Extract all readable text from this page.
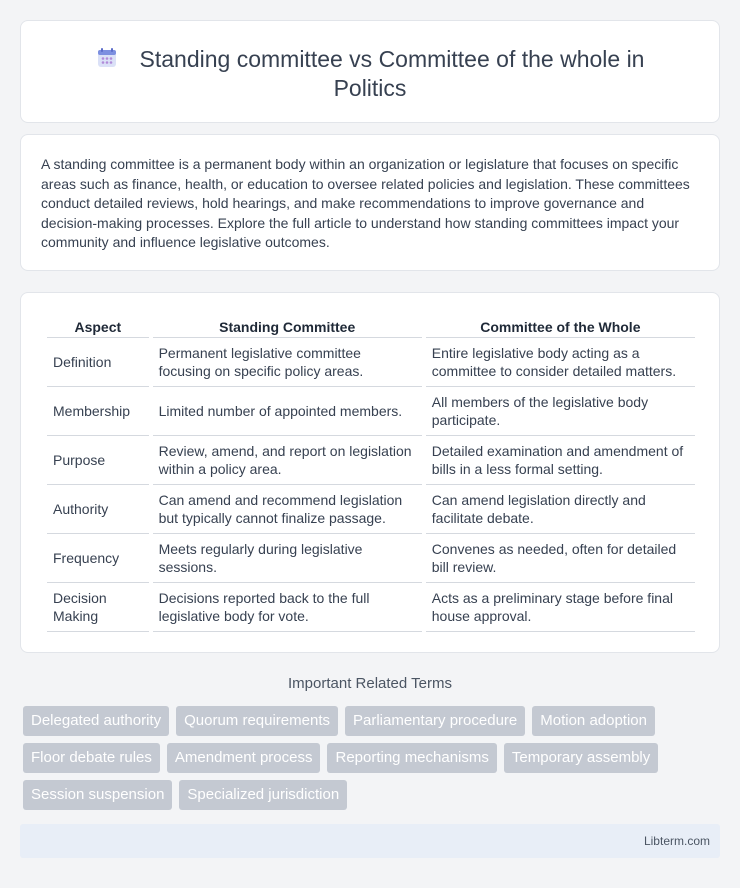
Standing committee vs Committee of the whole in Politics

A standing committee is a permanent body within an organization or legislature that focuses on specific areas such as finance, health, or education to oversee related policies and legislation. These committees conduct detailed reviews, hold hearings, and make recommendations to improve governance and decision-making processes. Explore the full article to understand how standing committees impact your community and influence legislative outcomes.

Aspect	Standing Committee	Committee of the Whole
Definition	Permanent legislative committee focusing on specific policy areas.	Entire legislative body acting as a committee to consider detailed matters.
Membership	Limited number of appointed members.	All members of the legislative body participate.
Purpose	Review, amend, and report on legislation within a policy area.	Detailed examination and amendment of bills in a less formal setting.
Authority	Can amend and recommend legislation but typically cannot finalize passage.	Can amend legislation directly and facilitate debate.
Frequency	Meets regularly during legislative sessions.	Convenes as needed, often for detailed bill review.
Decision Making	Decisions reported back to the full legislative body for vote.	Acts as a preliminary stage before final house approval.
Important Related Terms
Delegated authority	Quorum requirements	Parliamentary procedure	Motion adoption
Floor debate rules	Amendment process	Reporting mechanisms	Temporary assembly
Session suspension	Specialized jurisdiction
Libterm.com
